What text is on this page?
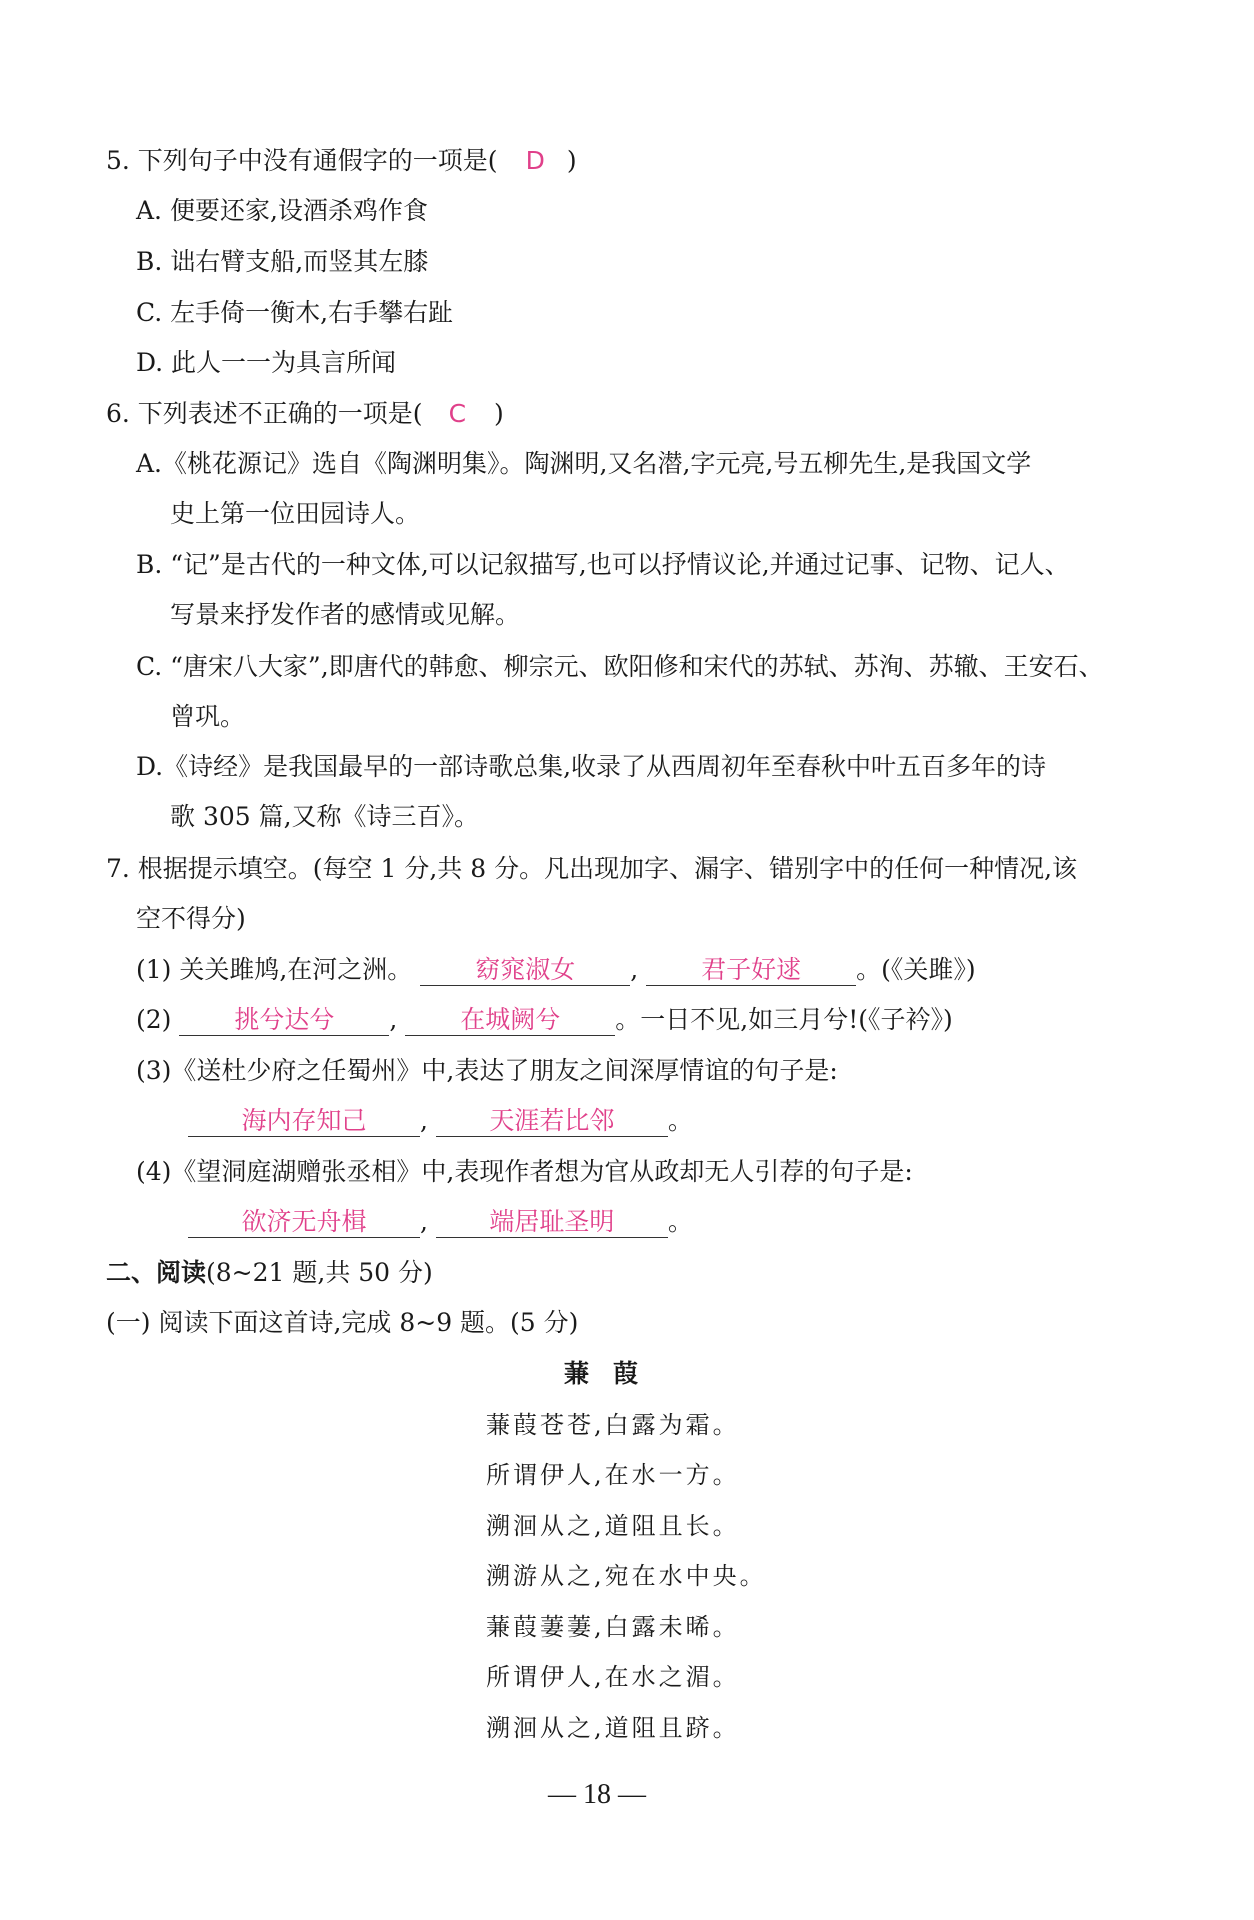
5. 下列句子中没有通假字的一项是( D )
A. 便要还家,设酒杀鸡作食
B. 诎右臂支船,而竖其左膝
C. 左手倚一衡木,右手攀右趾
D. 此人一一为具言所闻
6. 下列表述不正确的一项是( C )
A.《桃花源记》选自《陶渊明集》。陶渊明,又名潜,字元亮,号五柳先生,是我国文学
史上第一位田园诗人。
B. “记”是古代的一种文体,可以记叙描写,也可以抒情议论,并通过记事、记物、记人、
写景来抒发作者的感情或见解。
C. “唐宋八大家”,即唐代的韩愈、柳宗元、欧阳修和宋代的苏轼、苏洵、苏辙、王安石、
曾巩。
D.《诗经》是我国最早的一部诗歌总集,收录了从西周初年至春秋中叶五百多年的诗
歌 305 篇,又称《诗三百》。
7. 根据提示填空。(每空 1 分,共 8 分。凡出现加字、漏字、错别字中的任何一种情况,该
空不得分)
(1) 关关雎鸠,在河之洲。	窈窕淑女 ,	君子好逑 。(《关雎》)
(2)	挑兮达兮 ,	在城阙兮 。一日不见,如三月兮!(《子衿》)
(3)《送杜少府之任蜀州》中,表达了朋友之间深厚情谊的句子是:
海内存知己 , 天涯若比邻 。
(4)《望洞庭湖赠张丞相》中,表现作者想为官从政却无人引荐的句子是:
欲济无舟楫 , 端居耻圣明 。
二、阅读(8~21 题,共 50 分)
(一) 阅读下面这首诗,完成 8~9 题。(5 分)
蒹葭
蒹葭苍苍,白露为霜。
所谓伊人,在水一方。
溯洄从之,道阻且长。
溯游从之,宛在水中央。
蒹葭萋萋,白露未晞。
所谓伊人,在水之湄。
溯洄从之,道阻且跻。
— 18 —
